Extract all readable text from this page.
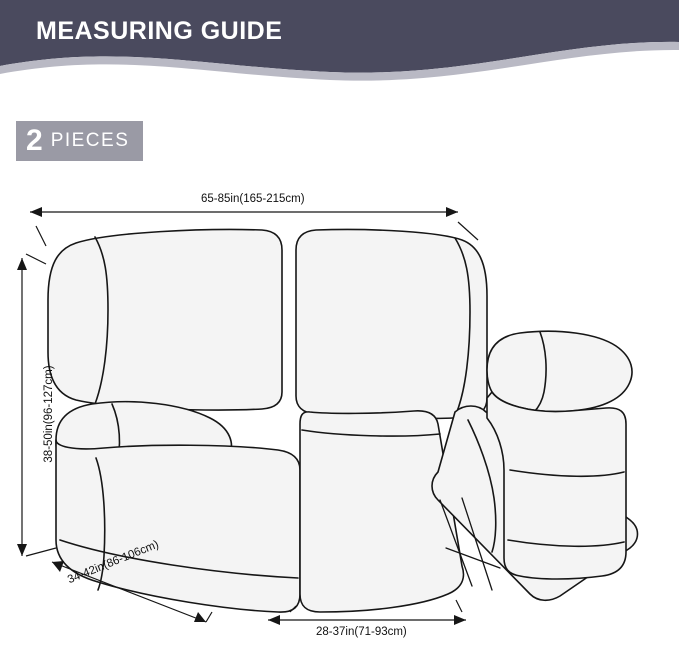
MEASURING GUIDE
2 PIECES
65-85in(165-215cm)
38-50in(96-127cm)
34-42in(86-106cm)
28-37in(71-93cm)
